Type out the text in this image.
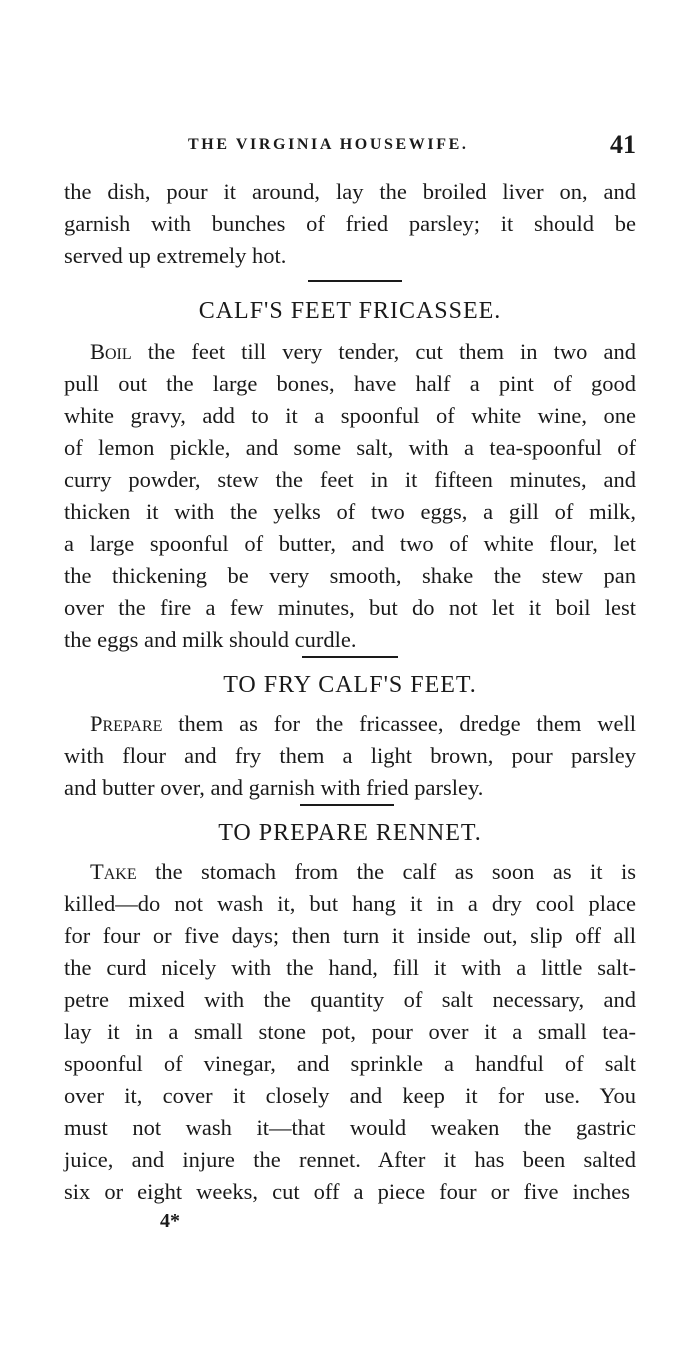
THE VIRGINIA HOUSEWIFE.	41
the dish, pour it around, lay the broiled liver on, and
garnish with bunches of fried parsley; it should be
served up extremely hot.
CALF'S FEET FRICASSEE.
Boil the feet till very tender, cut them in two and
pull out the large bones, have half a pint of good
white gravy, add to it a spoonful of white wine, one
of lemon pickle, and some salt, with a tea-spoonful of
curry powder, stew the feet in it fifteen minutes, and
thicken it with the yelks of two eggs, a gill of milk,
a large spoonful of butter, and two of white flour, let
the thickening be very smooth, shake the stew pan
over the fire a few minutes, but do not let it boil lest
the eggs and milk should curdle.
TO FRY CALF'S FEET.
Prepare them as for the fricassee, dredge them well
with flour and fry them a light brown, pour parsley
and butter over, and garnish with fried parsley.
TO PREPARE RENNET.
Take the stomach from the calf as soon as it is
killed—do not wash it, but hang it in a dry cool place
for four or five days; then turn it inside out, slip off all
the curd nicely with the hand, fill it with a little salt-
petre mixed with the quantity of salt necessary, and
lay it in a small stone pot, pour over it a small tea-
spoonful of vinegar, and sprinkle a handful of salt
over it, cover it closely and keep it for use. You
must not wash it—that would weaken the gastric
juice, and injure the rennet. After it has been salted
six or eight weeks, cut off a piece four or five inches
4*
